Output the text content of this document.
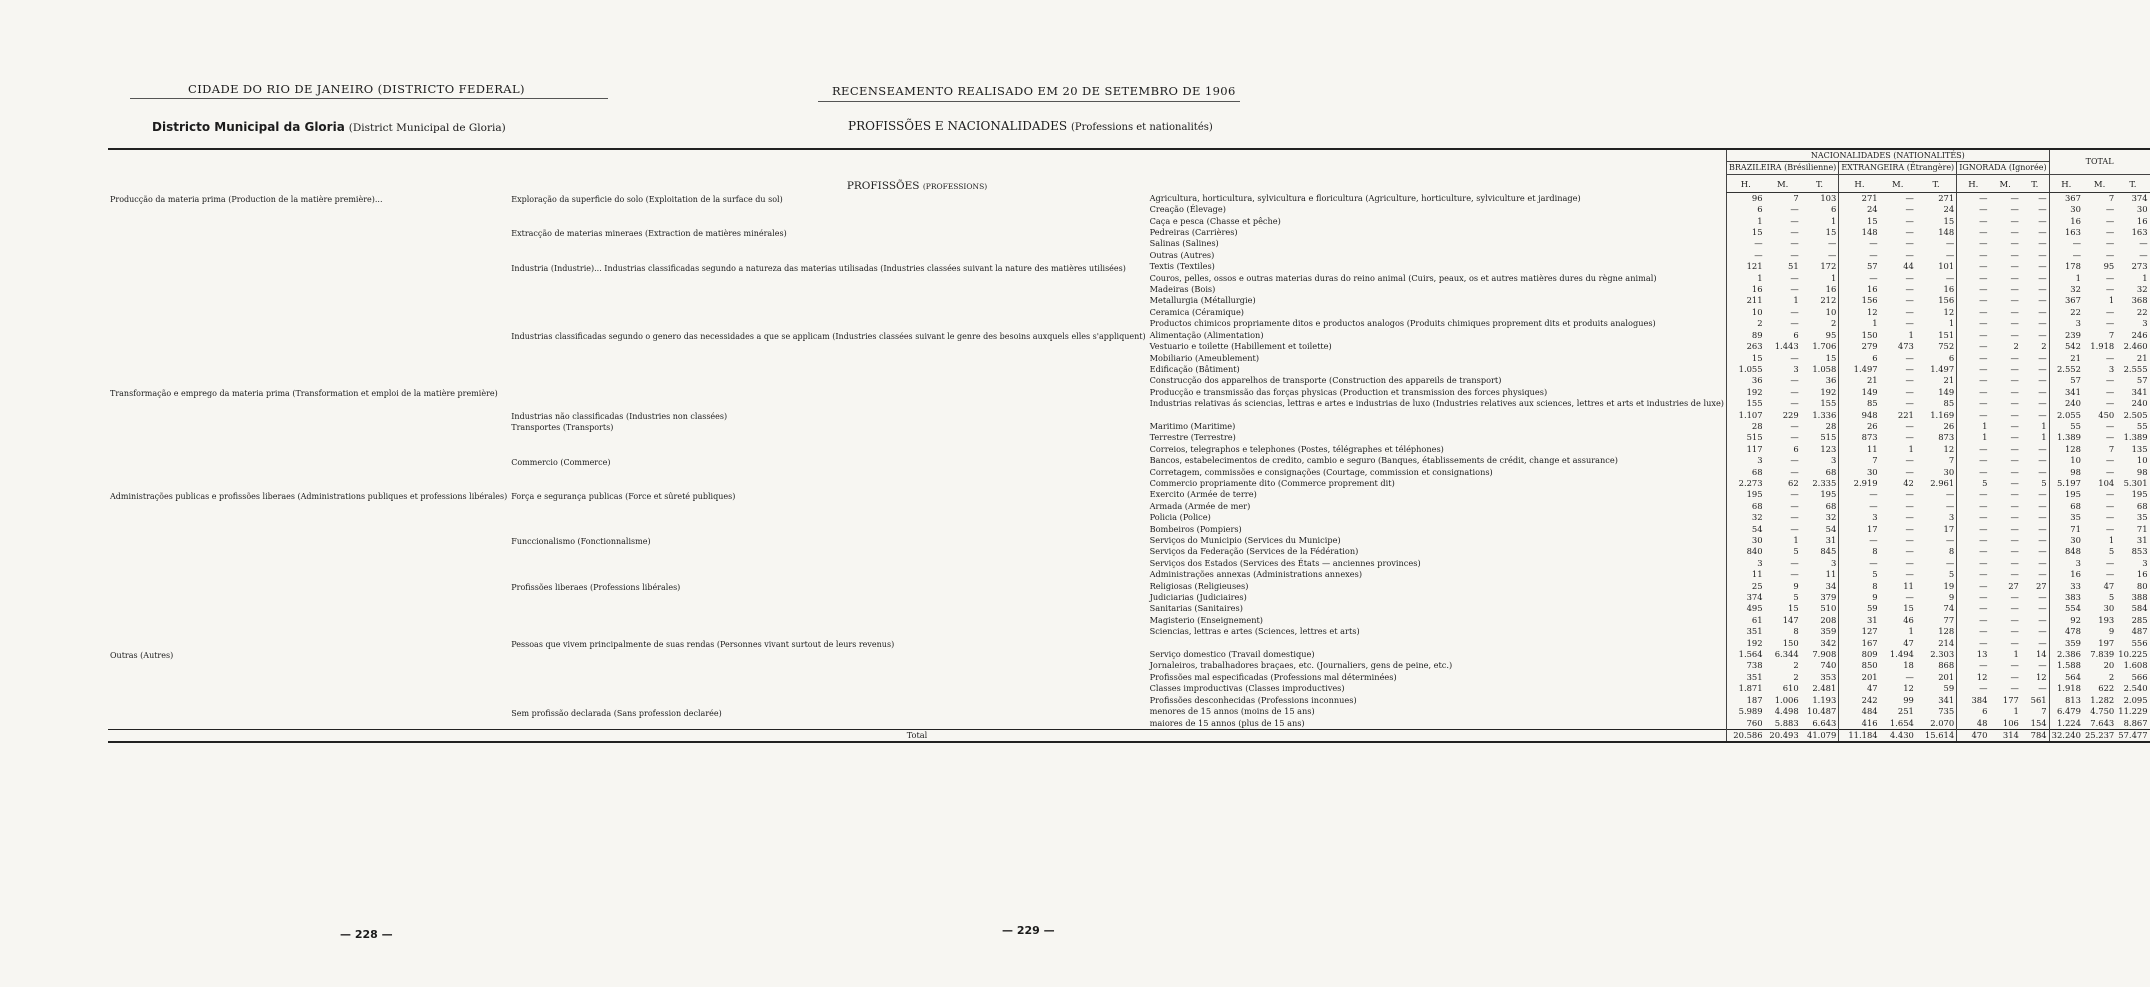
CIDADE DO RIO DE JANEIRO (DISTRICTO FEDERAL)	RECENSEAMENTO REALISADO EM 20 DE SETEMBRO DE 1906
Districto Municipal da Gloria (District Municipal de Gloria)	PROFISSÕES E NACIONALIDADES (Professions et nationalités)

PROFISSÕES (PROFESSIONS)			NACIONALIDADES (NATIONALITÉS)									TOTAL		
			BRAZILEIRA (Brésilienne)			EXTRANGEIRA (Étrangère)			IGNORADA (Ignorée)					
			H.	M.	T.	H.	M.	T.	H.	M.	T.	H.	M.	T.
Producção da materia prima (Production de la matière première)...	Exploração da superficie do solo (Exploitation de la surface du sol)	Agricultura, horticultura, sylvicultura e floricultura (Agriculture, horticulture, sylviculture et jardinage)	96	7	103	271	—	271	—	—	—	367	7	374
		Creação (Élevage)	6	—	6	24	—	24	—	—	—	30	—	30
		Caça e pesca (Chasse et pêche)	1	—	1	15	—	15	—	—	—	16	—	16
	Extracção de materias mineraes (Extraction de matières minérales)	Pedreiras (Carrières)	15	—	15	148	—	148	—	—	—	163	—	163
		Salinas (Salines)	—	—	—	—	—	—	—	—	—	—	—	—
		Outras (Autres)	—	—	—	—	—	—	—	—	—	—	—	—
	Industria (Industrie)... Industrias classificadas segundo a natureza das materias utilisadas (Industries classées suivant la nature des matières utilisées)	Textis (Textiles)	121	51	172	57	44	101	—	—	—	178	95	273
		Couros, pelles, ossos e outras materias duras do reino animal (Cuirs, peaux, os et autres matières dures du règne animal)	1	—	1	—	—	—	—	—	—	1	—	1
		Madeiras (Bois)	16	—	16	16	—	16	—	—	—	32	—	32
		Metallurgia (Métallurgie)	211	1	212	156	—	156	—	—	—	367	1	368
		Ceramica (Céramique)	10	—	10	12	—	12	—	—	—	22	—	22
		Productos chimicos propriamente ditos e productos analogos (Produits chimiques proprement dits et produits analogues)	2	—	2	1	—	1	—	—	—	3	—	3
	Industrias classificadas segundo o genero das necessidades a que se applicam (Industries classées suivant le genre des besoins auxquels elles s'appliquent)	Alimentação (Alimentation)	89	6	95	150	1	151	—	—	—	239	7	246
		Vestuario e toilette (Habillement et toilette)	263	1.443	1.706	279	473	752	—	2	2	542	1.918	2.460
		Mobiliario (Ameublement)	15	—	15	6	—	6	—	—	—	21	—	21
		Edificação (Bâtiment)	1.055	3	1.058	1.497	—	1.497	—	—	—	2.552	3	2.555
		Construcção dos apparelhos de transporte (Construction des appareils de transport)	36	—	36	21	—	21	—	—	—	57	—	57
Transformação e emprego da materia prima (Transformation et emploi de la matière première)		Producção e transmissão das forças physicas (Production et transmission des forces physiques)	192	—	192	149	—	149	—	—	—	341	—	341
		Industrias relativas ás sciencias, lettras e artes e industrias de luxo (Industries relatives aux sciences, lettres et arts et industries de luxe)	155	—	155	85	—	85	—	—	—	240	—	240
	Industrias não classificadas (Industries non classées)		1.107	229	1.336	948	221	1.169	—	—	—	2.055	450	2.505
	Transportes (Transports)	Maritimo (Maritime)	28	—	28	26	—	26	1	—	1	55	—	55
		Terrestre (Terrestre)	515	—	515	873	—	873	1	—	1	1.389	—	1.389
		Correios, telegraphos e telephones (Postes, télégraphes et téléphones)	117	6	123	11	1	12	—	—	—	128	7	135
	Commercio (Commerce)	Bancos, estabelecimentos de credito, cambio e seguro (Banques, établissements de crédit, change et assurance)	3	—	3	7	—	7	—	—	—	10	—	10
		Corretagem, commissões e consignações (Courtage, commission et consignations)	68	—	68	30	—	30	—	—	—	98	—	98
		Commercio propriamente dito (Commerce proprement dit)	2.273	62	2.335	2.919	42	2.961	5	—	5	5.197	104	5.301
Administrações publicas e profissões liberaes (Administrations publiques et professions libérales)	Força e segurança publicas (Force et sûreté publiques)	Exercito (Armée de terre)	195	—	195	—	—	—	—	—	—	195	—	195
		Armada (Armée de mer)	68	—	68	—	—	—	—	—	—	68	—	68
		Policia (Police)	32	—	32	3	—	3	—	—	—	35	—	35
		Bombeiros (Pompiers)	54	—	54	17	—	17	—	—	—	71	—	71
	Funccionalismo (Fonctionnalisme)	Serviços do Municipio (Services du Municipe)	30	1	31	—	—	—	—	—	—	30	1	31
		Serviços da Federação (Services de la Fédération)	840	5	845	8	—	8	—	—	—	848	5	853
		Serviços dos Estados (Services des États — anciennes provinces)	3	—	3	—	—	—	—	—	—	3	—	3
		Administrações annexas (Administrations annexes)	11	—	11	5	—	5	—	—	—	16	—	16
	Profissões liberaes (Professions libérales)	Religiosas (Religieuses)	25	9	34	8	11	19	—	27	27	33	47	80
		Judiciarias (Judiciaires)	374	5	379	9	—	9	—	—	—	383	5	388
		Sanitarias (Sanitaires)	495	15	510	59	15	74	—	—	—	554	30	584
		Magisterio (Enseignement)	61	147	208	31	46	77	—	—	—	92	193	285
		Sciencias, lettras e artes (Sciences, lettres et arts)	351	8	359	127	1	128	—	—	—	478	9	487
	Pessoas que vivem principalmente de suas rendas (Personnes vivant surtout de leurs revenus)		192	150	342	167	47	214	—	—	—	359	197	556
Outras (Autres)		Serviço domestico (Travail domestique)	1.564	6.344	7.908	809	1.494	2.303	13	1	14	2.386	7.839	10.225
		Jornaleiros, trabalhadores braçaes, etc. (Journaliers, gens de peine, etc.)	738	2	740	850	18	868	—	—	—	1.588	20	1.608
		Profissões mal especificadas (Professions mal déterminées)	351	2	353	201	—	201	12	—	12	564	2	566
		Classes improductivas (Classes improductives)	1.871	610	2.481	47	12	59	—	—	—	1.918	622	2.540
		Profissões desconhecidas (Professions inconnues)	187	1.006	1.193	242	99	341	384	177	561	813	1.282	2.095
	Sem profissão declarada (Sans profession declarée)	menores de 15 annos (moins de 15 ans)	5.989	4.498	10.487	484	251	735	6	1	7	6.479	4.750	11.229
		maiores de 15 annos (plus de 15 ans)	760	5.883	6.643	416	1.654	2.070	48	106	154	1.224	7.643	8.867
Total			20.586	20.493	41.079	11.184	4.430	15.614	470	314	784	32.240	25.237	57.477
— 228 —	— 229 —
